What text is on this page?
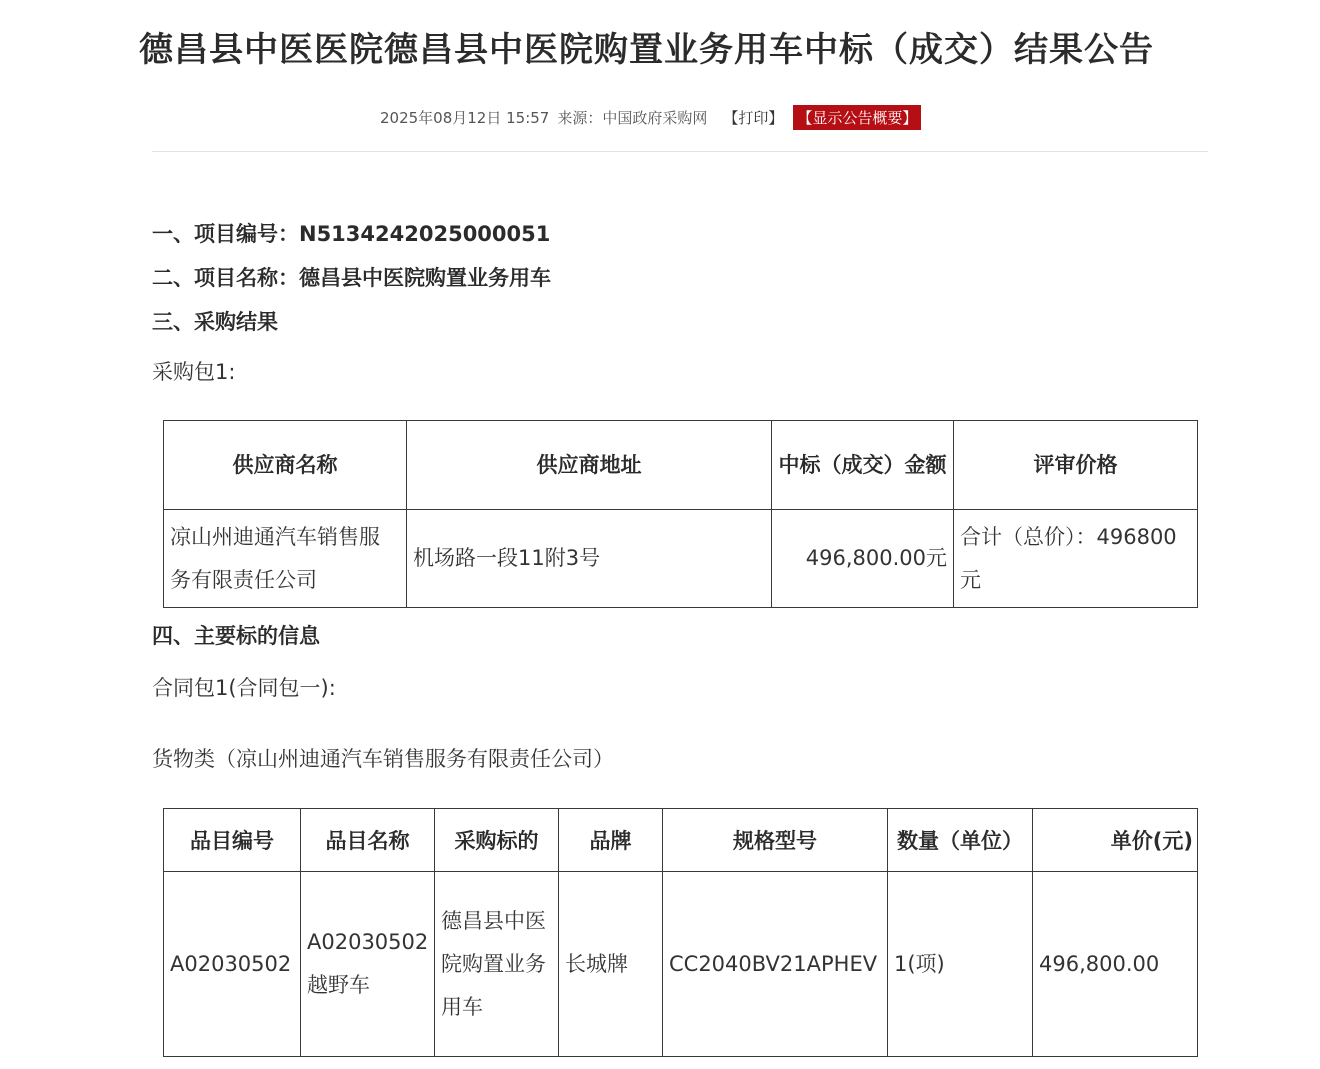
德昌县中医医院德昌县中医院购置业务用车中标（成交）结果公告
2025年08月12日 15:57 来源： 中国政府采购网 【打印】 【显示公告概要】
一、项目编号：N5134242025000051
二、项目名称：德昌县中医院购置业务用车
三、采购结果
采购包1:
供应商名称	供应商地址	中标（成交）金额	评审价格
凉山州迪通汽车销售服务有限责任公司	机场路一段11附3号	496,800.00元	合计（总价）：496800元
四、主要标的信息
合同包1(合同包一):
货物类（凉山州迪通汽车销售服务有限责任公司）
品目编号	品目名称	采购标的	品牌	规格型号	数量（单位）	单价(元)
A02030502	A02030502越野车	德昌县中医院购置业务用车	长城牌	CC2040BV21APHEV	1(项)	496,800.00
